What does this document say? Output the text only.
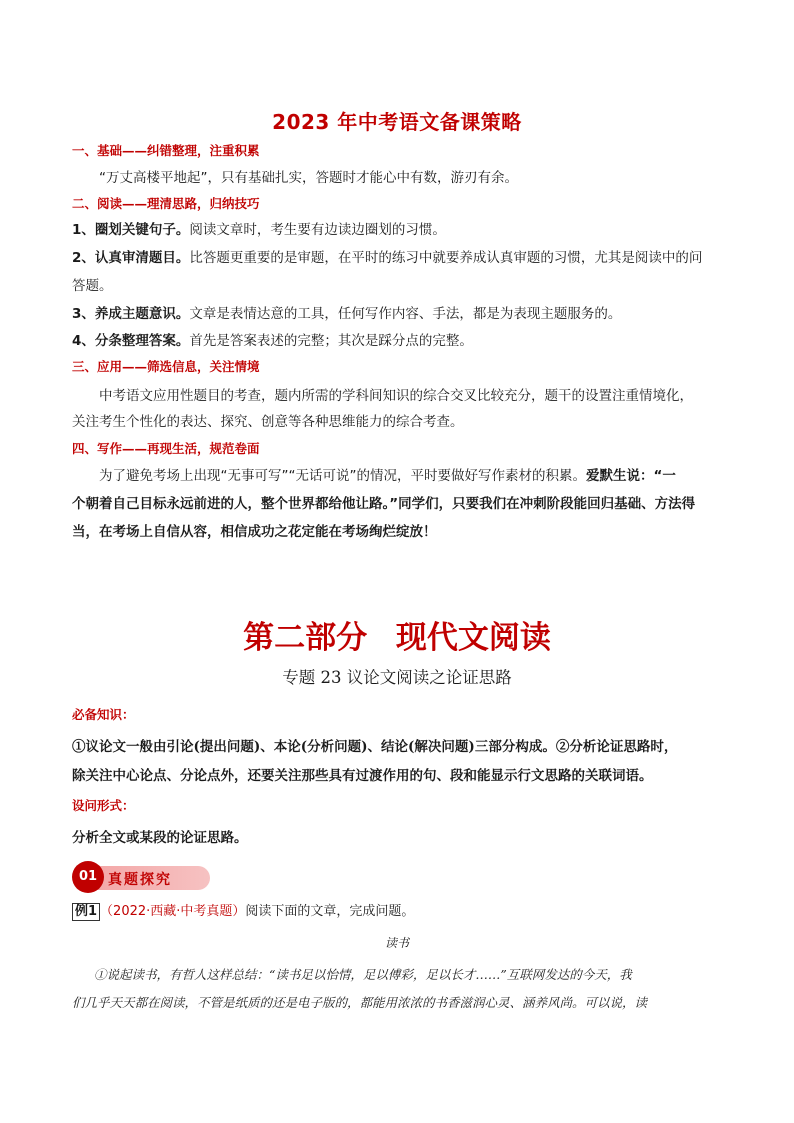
2023 年中考语文备课策略
一、基础——纠错整理，注重积累
“万丈高楼平地起”，只有基础扎实，答题时才能心中有数，游刃有余。
二、阅读——理清思路，归纳技巧
1、圈划关键句子。阅读文章时，考生要有边读边圈划的习惯。
2、认真审清题目。比答题更重要的是审题，在平时的练习中就要养成认真审题的习惯，尤其是阅读中的问
答题。
3、养成主题意识。文章是表情达意的工具，任何写作内容、手法，都是为表现主题服务的。
4、分条整理答案。首先是答案表述的完整；其次是踩分点的完整。
三、应用——筛选信息，关注情境
中考语文应用性题目的考查，题内所需的学科间知识的综合交叉比较充分，题干的设置注重情境化，
关注考生个性化的表达、探究、创意等各种思维能力的综合考查。
四、写作——再现生活，规范卷面
为了避免考场上出现“无事可写”“无话可说”的情况，平时要做好写作素材的积累。爱默生说：“一
个朝着自己目标永远前进的人，整个世界都给他让路。”同学们，只要我们在冲刺阶段能回归基础、方法得
当，在考场上自信从容，相信成功之花定能在考场绚烂绽放！
第二部分 现代文阅读
专题 23 议论文阅读之论证思路
必备知识：
①议论文一般由引论(提出问题)、本论(分析问题)、结论(解决问题)三部分构成。②分析论证思路时，
除关注中心论点、分论点外，还要关注那些具有过渡作用的句、段和能显示行文思路的关联词语。
设问形式：
分析全文或某段的论证思路。
01 真题探究
例1 （2022·西藏·中考真题）阅读下面的文章，完成问题。
读书
①说起读书，有哲人这样总结：“读书足以怡情，足以傅彩，足以长才……”互联网发达的今天，我
们几乎天天都在阅读，不管是纸质的还是电子版的，都能用浓浓的书香滋润心灵、涵养风尚。可以说，读
